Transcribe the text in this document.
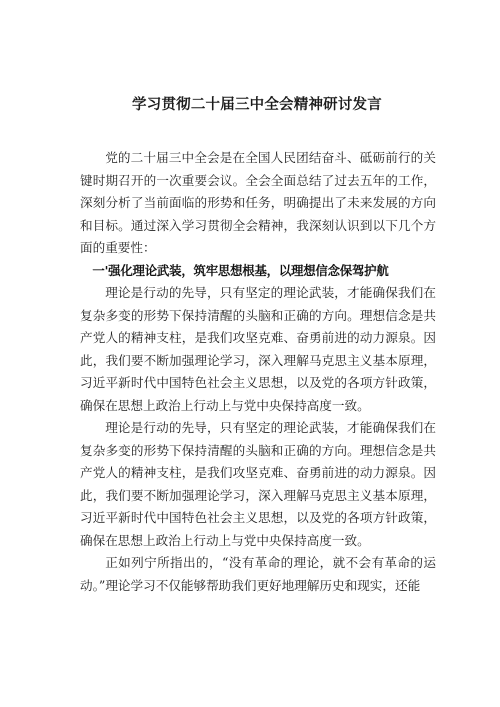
学习贯彻二十届三中全会精神研讨发言

党的二十届三中全会是在全国人民团结奋斗、砥砺前行的关键时期召开的一次重要会议。全会全面总结了过去五年的工作，深刻分析了当前面临的形势和任务，明确提出了未来发展的方向和目标。通过深入学习贯彻全会精神，我深刻认识到以下几个方面的重要性：

一'强化理论武装，筑牢思想根基，以理想信念保驾护航

理论是行动的先导，只有坚定的理论武装，才能确保我们在复杂多变的形势下保持清醒的头脑和正确的方向。理想信念是共产党人的精神支柱，是我们攻坚克难、奋勇前进的动力源泉。因此，我们要不断加强理论学习，深入理解马克思主义基本原理，习近平新时代中国特色社会主义思想，以及党的各项方针政策，确保在思想上政治上行动上与党中央保持高度一致。

理论是行动的先导，只有坚定的理论武装，才能确保我们在复杂多变的形势下保持清醒的头脑和正确的方向。理想信念是共产党人的精神支柱，是我们攻坚克难、奋勇前进的动力源泉。因此，我们要不断加强理论学习，深入理解马克思主义基本原理，习近平新时代中国特色社会主义思想，以及党的各项方针政策，确保在思想上政治上行动上与党中央保持高度一致。

正如列宁所指出的，“没有革命的理论，就不会有革命的运动。”理论学习不仅能够帮助我们更好地理解历史和现实，还能
